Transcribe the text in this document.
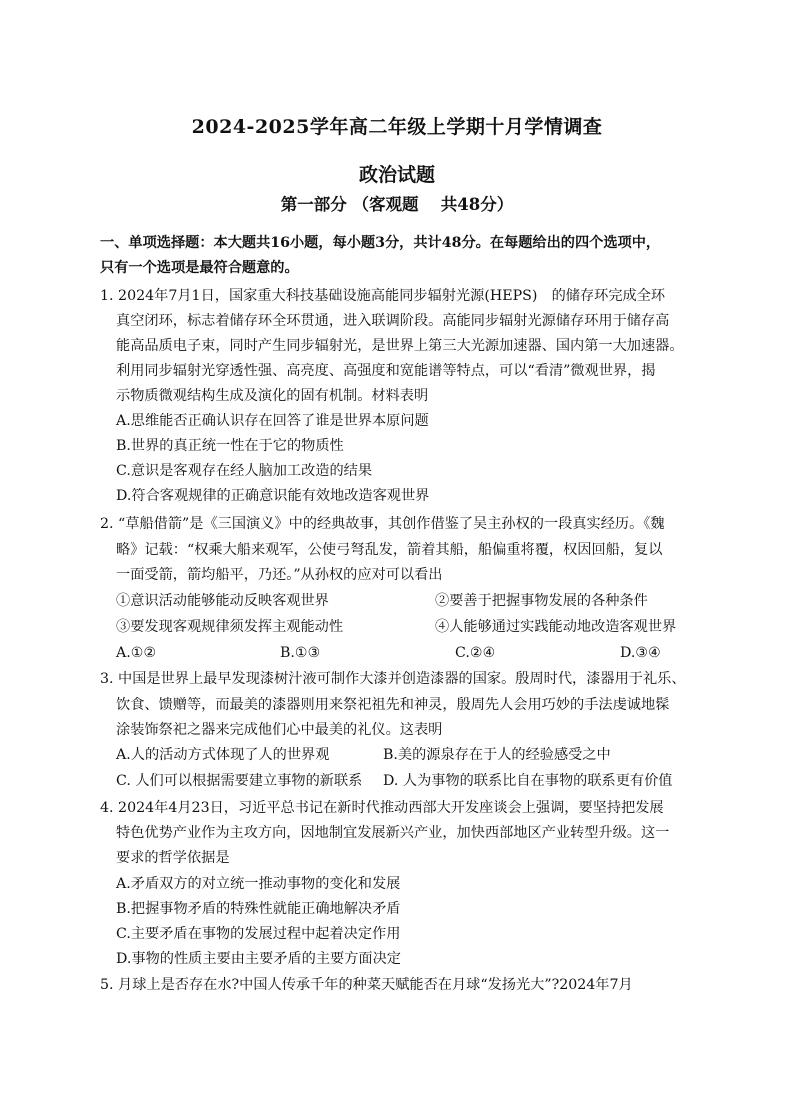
2024-2025学年高二年级上学期十月学情调查
政治试题
第一部分 （客观题　 共48分）
一、单项选择题：本大题共16小题，每小题3分，共计48分。在每题给出的四个选项中，
只有一个选项是最符合题意的。
1. 2024年7月1日，国家重大科技基础设施高能同步辐射光源(HEPS)　的储存环完成全环
真空闭环，标志着储存环全环贯通，进入联调阶段。高能同步辐射光源储存环用于储存高
能高品质电子束，同时产生同步辐射光，是世界上第三大光源加速器、国内第一大加速器。
利用同步辐射光穿透性强、高亮度、高强度和宽能谱等特点，可以“看清”微观世界，揭
示物质微观结构生成及演化的固有机制。材料表明
A.思维能否正确认识存在回答了谁是世界本原问题
B.世界的真正统一性在于它的物质性
C.意识是客观存在经人脑加工改造的结果
D.符合客观规律的正确意识能有效地改造客观世界
2. “草船借箭”是《三国演义》中的经典故事，其创作借鉴了吴主孙权的一段真实经历。《魏
略》记载：“权乘大船来观军，公使弓弩乱发，箭着其船，船偏重将覆，权因回船，复以
一面受箭，箭均船平，乃还。”从孙权的应对可以看出
①意识活动能够能动反映客观世界	②要善于把握事物发展的各种条件
③要发现客观规律须发挥主观能动性	④人能够通过实践能动地改造客观世界
A.①②	B.①③	C.②④	D.③④
3. 中国是世界上最早发现漆树汁液可制作大漆并创造漆器的国家。殷周时代，漆器用于礼乐、
饮食、馈赠等，而最美的漆器则用来祭祀祖先和神灵，殷周先人会用巧妙的手法虔诚地髹
涂装饰祭祀之器来完成他们心中最美的礼仪。这表明
A.人的活动方式体现了人的世界观	B.美的源泉存在于人的经验感受之中
C. 人们可以根据需要建立事物的新联系 D. 人为事物的联系比自在事物的联系更有价值
4. 2024年4月23日，习近平总书记在新时代推动西部大开发座谈会上强调，要坚持把发展
特色优势产业作为主攻方向，因地制宜发展新兴产业，加快西部地区产业转型升级。这一
要求的哲学依据是
A.矛盾双方的对立统一推动事物的变化和发展
B.把握事物矛盾的特殊性就能正确地解决矛盾
C.主要矛盾在事物的发展过程中起着决定作用
D.事物的性质主要由主要矛盾的主要方面决定
5. 月球上是否存在水?中国人传承千年的种菜天赋能否在月球“发扬光大”?2024年7月
